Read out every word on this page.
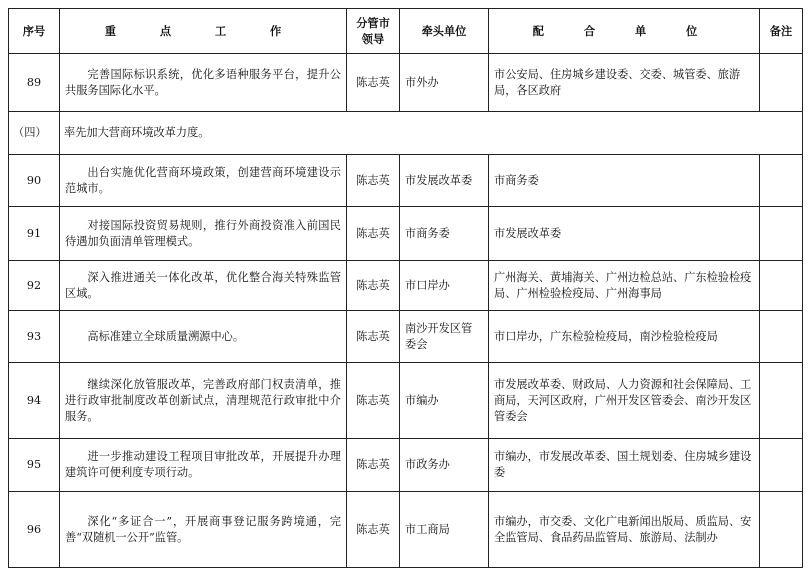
序号	重 点 工 作	分管市领导	牵头单位	配 合 单 位	备注
89	完善国际标识系统，优化多语种服务平台，提升公共服务国际化水平。	陈志英	市外办	市公安局、住房城乡建设委、交委、城管委、旅游局，各区政府	
（四）	率先加大营商环境改革力度。				
90	出台实施优化营商环境政策，创建营商环境建设示范城市。	陈志英	市发展改革委	市商务委	
91	对接国际投资贸易规则，推行外商投资准入前国民待遇加负面清单管理模式。	陈志英	市商务委	市发展改革委	
92	深入推进通关一体化改革，优化整合海关特殊监管区域。	陈志英	市口岸办	广州海关、黄埔海关、广州边检总站、广东检验检疫局、广州检验检疫局、广州海事局	
93	高标准建立全球质量溯源中心。	陈志英	南沙开发区管委会	市口岸办，广东检验检疫局，南沙检验检疫局	
94	继续深化放管服改革，完善政府部门权责清单，推进行政审批制度改革创新试点，清理规范行政审批中介服务。	陈志英	市编办	市发展改革委、财政局、人力资源和社会保障局、工商局，天河区政府，广州开发区管委会、南沙开发区管委会	
95	进一步推动建设工程项目审批改革，开展提升办理建筑许可便利度专项行动。	陈志英	市政务办	市编办，市发展改革委、国土规划委、住房城乡建设委	
96	深化“多证合一”，开展商事登记服务跨境通，完善“双随机一公开”监管。	陈志英	市工商局	市编办，市交委、文化广电新闻出版局、质监局、安全监管局、食品药品监管局、旅游局、法制办	
